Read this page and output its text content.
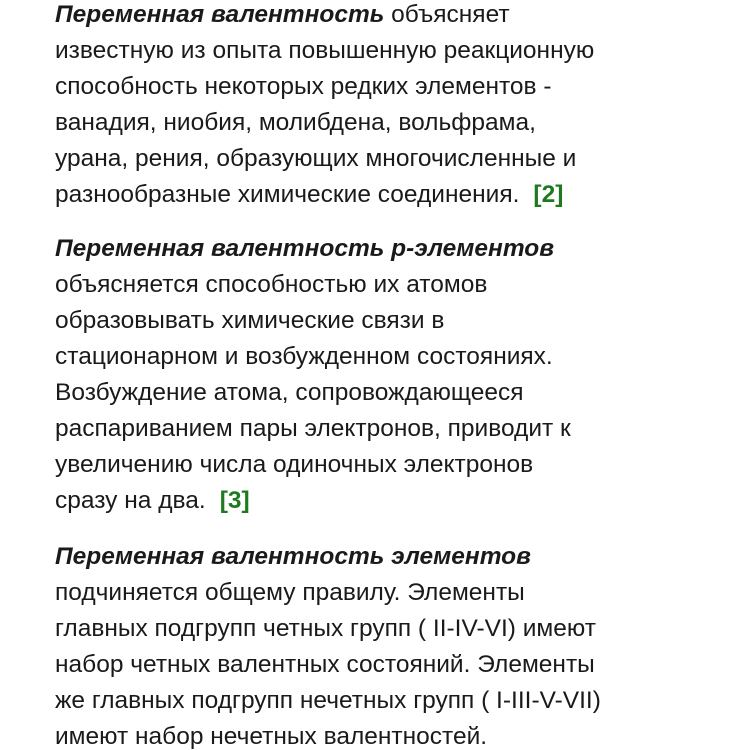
Переменная валентность объясняет
известную из опыта повышенную реакционную
способность некоторых редких элементов -
ванадия, ниобия, молибдена, вольфрама,
урана, рения, образующих многочисленные и
разнообразные химические соединения. [2]

Переменная валентность р-элементов
объясняется способностью их атомов
образовывать химические связи в
стационарном и возбужденном состояниях.
Возбуждение атома, сопровождающееся
распариванием пары электронов, приводит к
увеличению числа одиночных электронов
сразу на два. [3]

Переменная валентность элементов
подчиняется общему правилу. Элементы
главных подгрупп четных групп ( II-IV-VI) имеют
набор четных валентных состояний. Элементы
же главных подгрупп нечетных групп ( I-III-V-VII)
имеют набор нечетных валентностей.
